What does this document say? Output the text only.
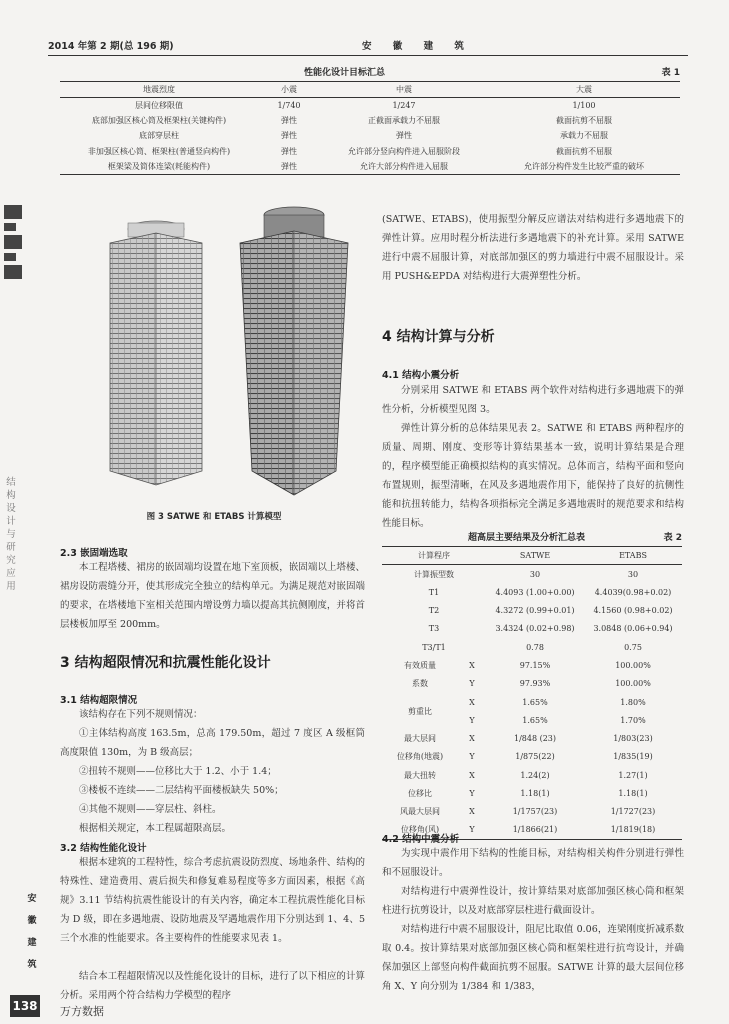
2014 年第 2 期(总 196 期)	安 徽 建 筑
性能化设计目标汇总	表 1
地震烈度	小震	中震	大震
层间位移限值	1/740	1/247	1/100
底部加强区核心筒及框架柱(关键构件)	弹性	正截面承载力不屈服	截面抗剪不屈服
底部穿层柱	弹性	弹性	承载力不屈服
非加强区核心筒、框架柱(普通竖向构件)	弹性	允许部分竖向构件进入屈服阶段	截面抗剪不屈服
框架梁及简体连梁(耗能构件)	弹性	允许大部分构件进入屈服	允许部分构件发生比较严重的破坏
结构设计与研究应用
安徽建筑
138
图 3 SATWE 和 ETABS 计算模型
2.3 嵌固端选取
本工程塔楼、裙房的嵌固端均设置在地下室顶板，嵌固端以上塔楼、裙房设防震缝分开，使其形成完全独立的结构单元。为满足规范对嵌固端的要求，在塔楼地下室相关范围内增设剪力墙以提高其抗侧刚度，并将首层楼板加厚至 200mm。
3 结构超限情况和抗震性能化设计
3.1 结构超限情况
该结构存在下列不规则情况：
①主体结构高度 163.5m，总高 179.50m，超过 7 度区 A 级框筒高度限值 130m，为 B 级高层；
②扭转不规则——位移比大于 1.2、小于 1.4；
③楼板不连续——二层结构平面楼板缺失 50%；
④其他不规则——穿层柱、斜柱。
根据相关规定，本工程属超限高层。
3.2 结构性能化设计
根据本建筑的工程特性，综合考虑抗震设防烈度、场地条件、结构的特殊性、建造费用、震后损失和修复难易程度等多方面因素，根据《高规》3.11 节结构抗震性能设计的有关内容，确定本工程抗震性能化目标为 D 级，即在多遇地震、设防地震及罕遇地震作用下分别达到 1、4、5 三个水准的性能要求。各主要构件的性能要求见表 1。
结合本工程超限情况以及性能化设计的目标，进行了以下相应的计算分析。采用两个符合结构力学模型的程序
万方数据
(SATWE、ETABS)，使用振型分解反应谱法对结构进行多遇地震下的弹性计算。应用时程分析法进行多遇地震下的补充计算。采用 SATWE 进行中震不屈服计算，对底部加强区的剪力墙进行中震不屈服设计。采用 PUSH&EPDA 对结构进行大震弹塑性分析。
4 结构计算与分析
4.1 结构小震分析
分别采用 SATWE 和 ETABS 两个软件对结构进行多遇地震下的弹性分析，分析模型见图 3。
弹性计算分析的总体结果见表 2。SATWE 和 ETABS 两种程序的质量、周期、刚度、变形等计算结果基本一致，说明计算结果是合理的，程序模型能正确模拟结构的真实情况。总体而言，结构平面和竖向布置规则，振型清晰，在风及多遇地震作用下，能保持了良好的抗侧性能和抗扭转能力，结构各项指标完全满足多遇地震时的规范要求和结构性能目标。
超高层主要结果及分析汇总表	表 2
计算程序		SATWE	ETABS
计算振型数		30	30
T1		4.4093 (1.00+0.00)	4.4039(0.98+0.02)
T2		4.3272 (0.99+0.01)	4.1560 (0.98+0.02)
T3		3.4324 (0.02+0.98)	3.0848 (0.06+0.94)
T3/T1		0.78	0.75
有效质量	X	97.15%	100.00%
系数	Y	97.93%	100.00%
剪重比	X	1.65%	1.80%
	Y	1.65%	1.70%
最大层间	X	1/848 (23)	1/803(23)
位移角(地震)	Y	1/875(22)	1/835(19)
最大扭转	X	1.24(2)	1.27(1)
位移比	Y	1.18(1)	1.18(1)
风最大层间	X	1/1757(23)	1/1727(23)
位移角(风)	Y	1/1866(21)	1/1819(18)
4.2 结构中震分析
为实现中震作用下结构的性能目标，对结构相关构件分别进行弹性和不屈服设计。
对结构进行中震弹性设计，按计算结果对底部加强区核心筒和框架柱进行抗剪设计，以及对底部穿层柱进行截面设计。
对结构进行中震不屈服设计，阻尼比取值 0.06，连梁刚度折减系数取 0.4。按计算结果对底部加强区核心筒和框架柱进行抗弯设计，并确保加强区上部竖向构件截面抗剪不屈服。SATWE 计算的最大层间位移角 X、Y 向分别为 1/384 和 1/383，
